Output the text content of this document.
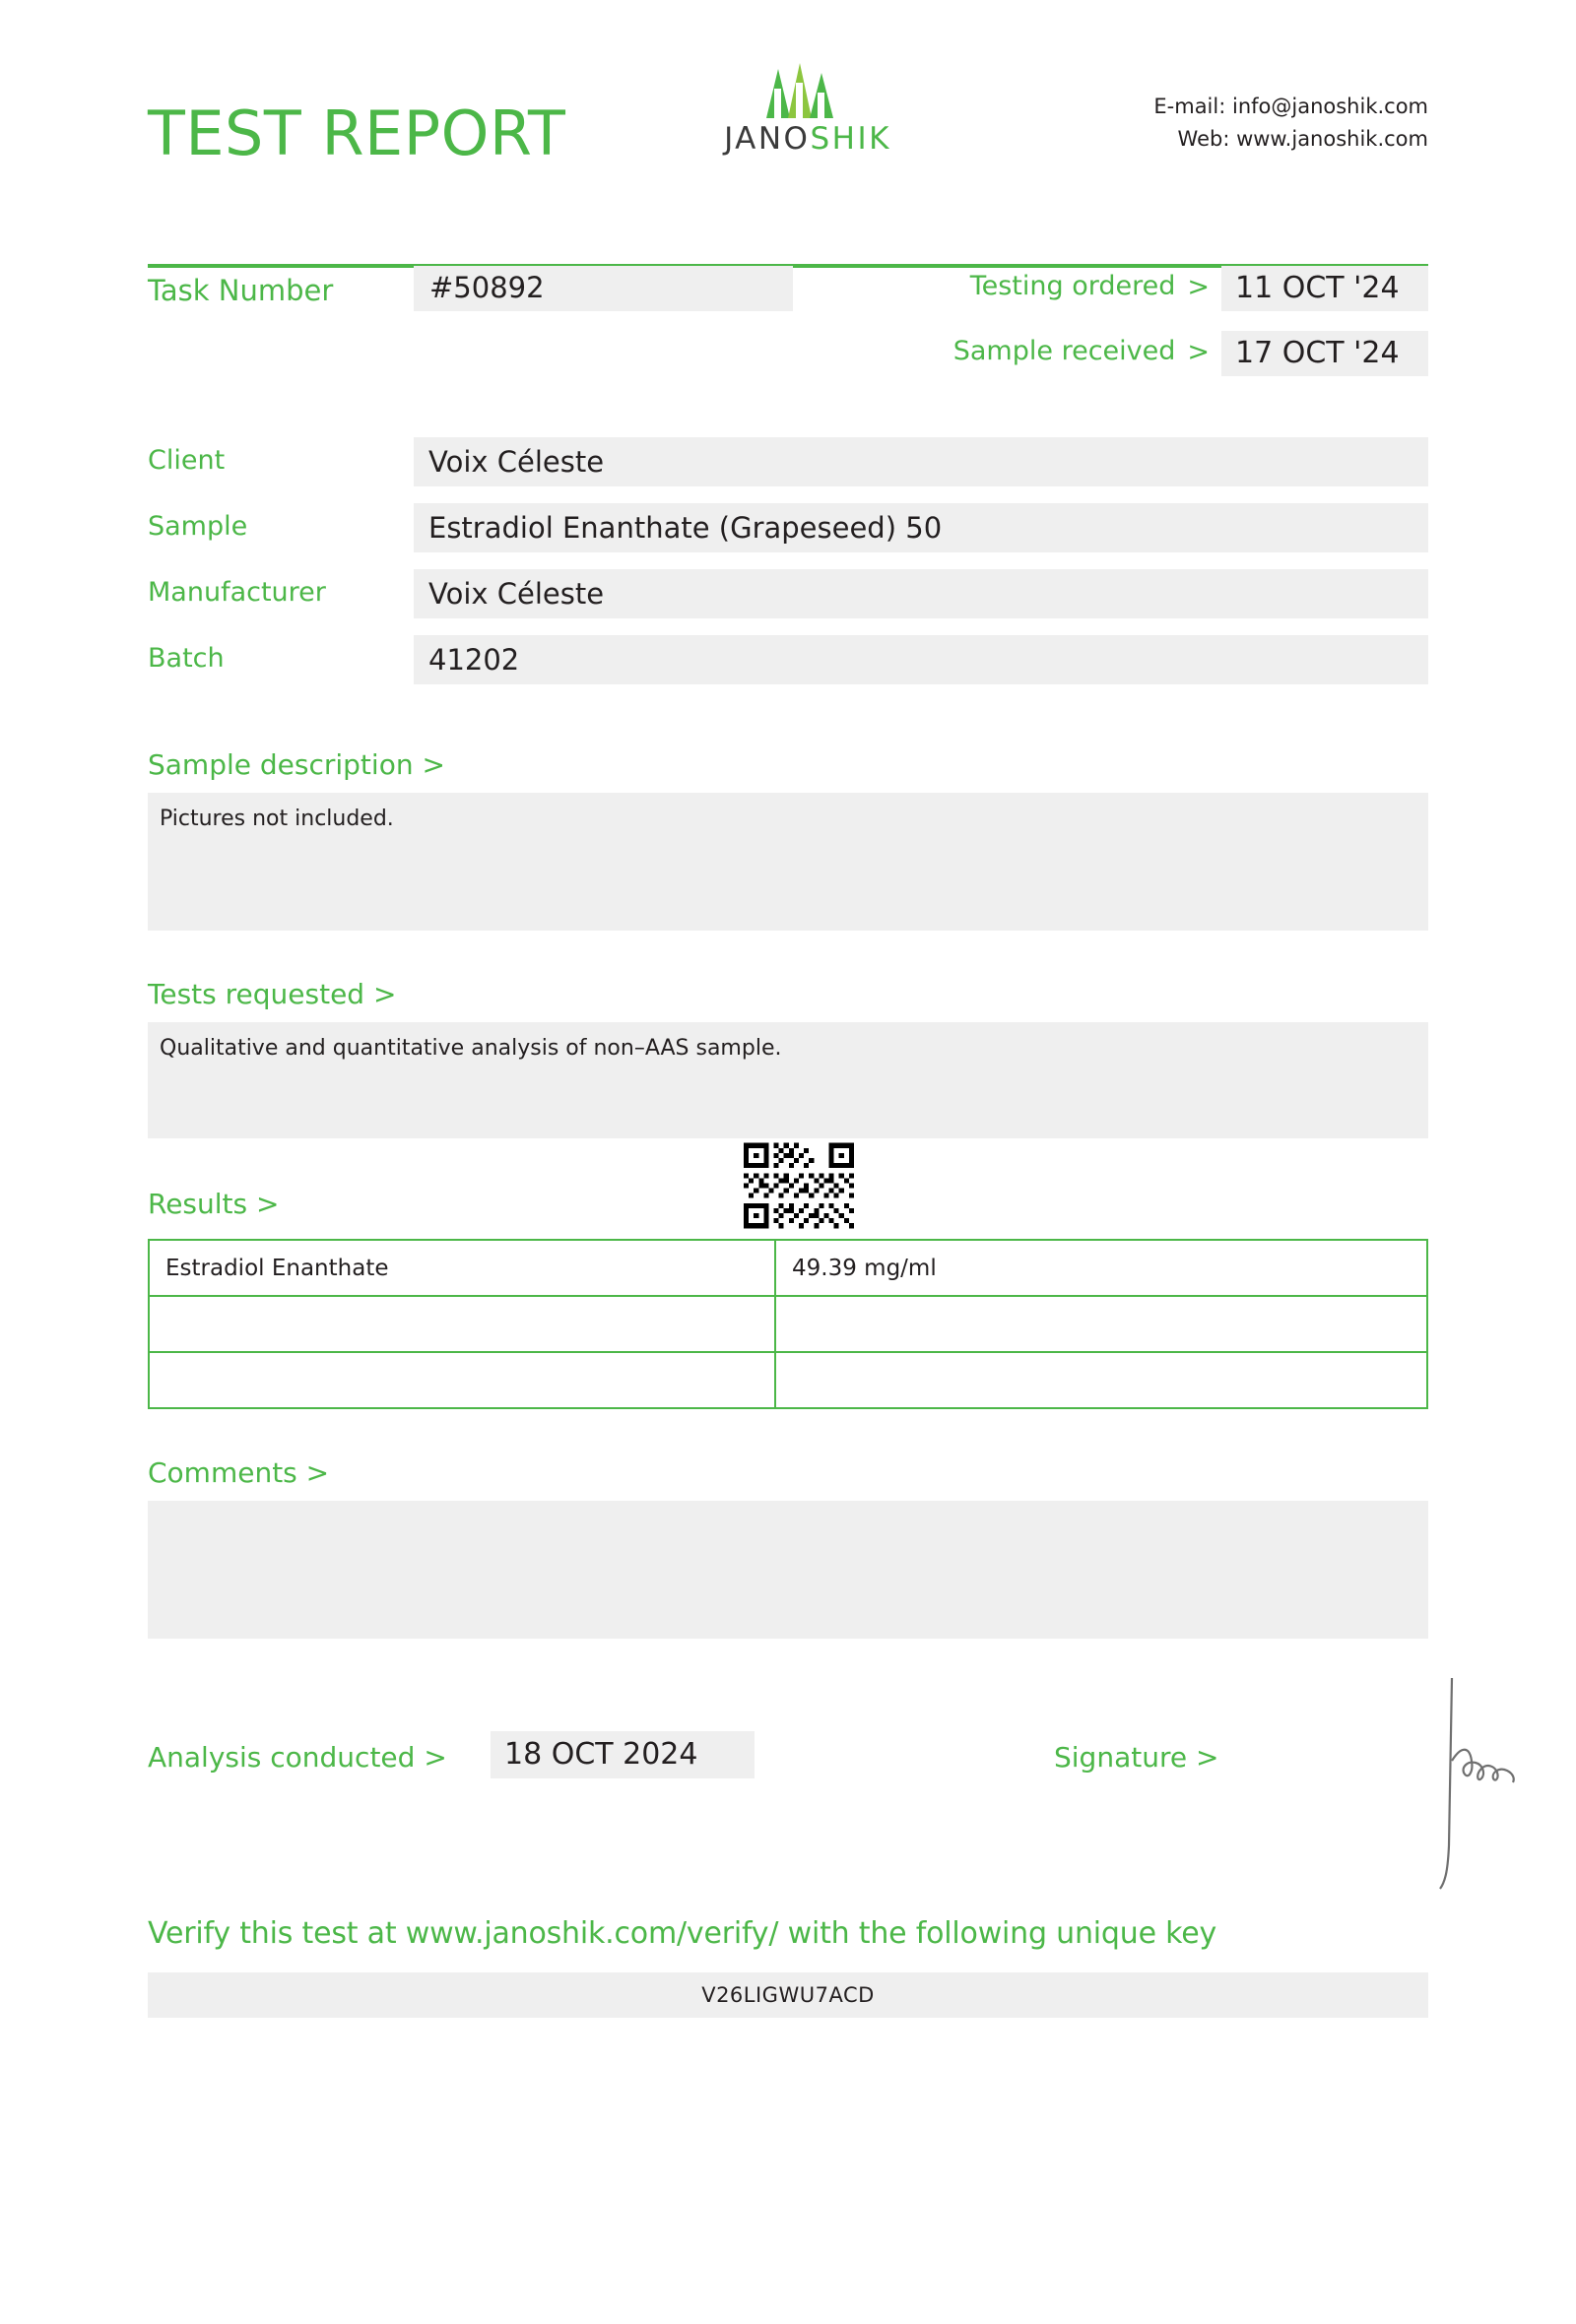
TEST REPORT	JANOSHIK
E-mail: info@janoshik.com
Web: www.janoshik.com
Task Number	#50892	Testing ordered > 11 OCT '24
Sample received > 17 OCT '24
Client	Voix Céleste
Sample	Estradiol Enanthate (Grapeseed) 50
Manufacturer	Voix Céleste
Batch	41202
Sample description >
Pictures not included.
Tests requested >
Qualitative and quantitative analysis of non–AAS sample.
Results >
Estradiol Enanthate	49.39 mg/ml

Comments >
Analysis conducted >	18 OCT 2024	Signature >
Verify this test at www.janoshik.com/verify/ with the following unique key
V26LIGWU7ACD
